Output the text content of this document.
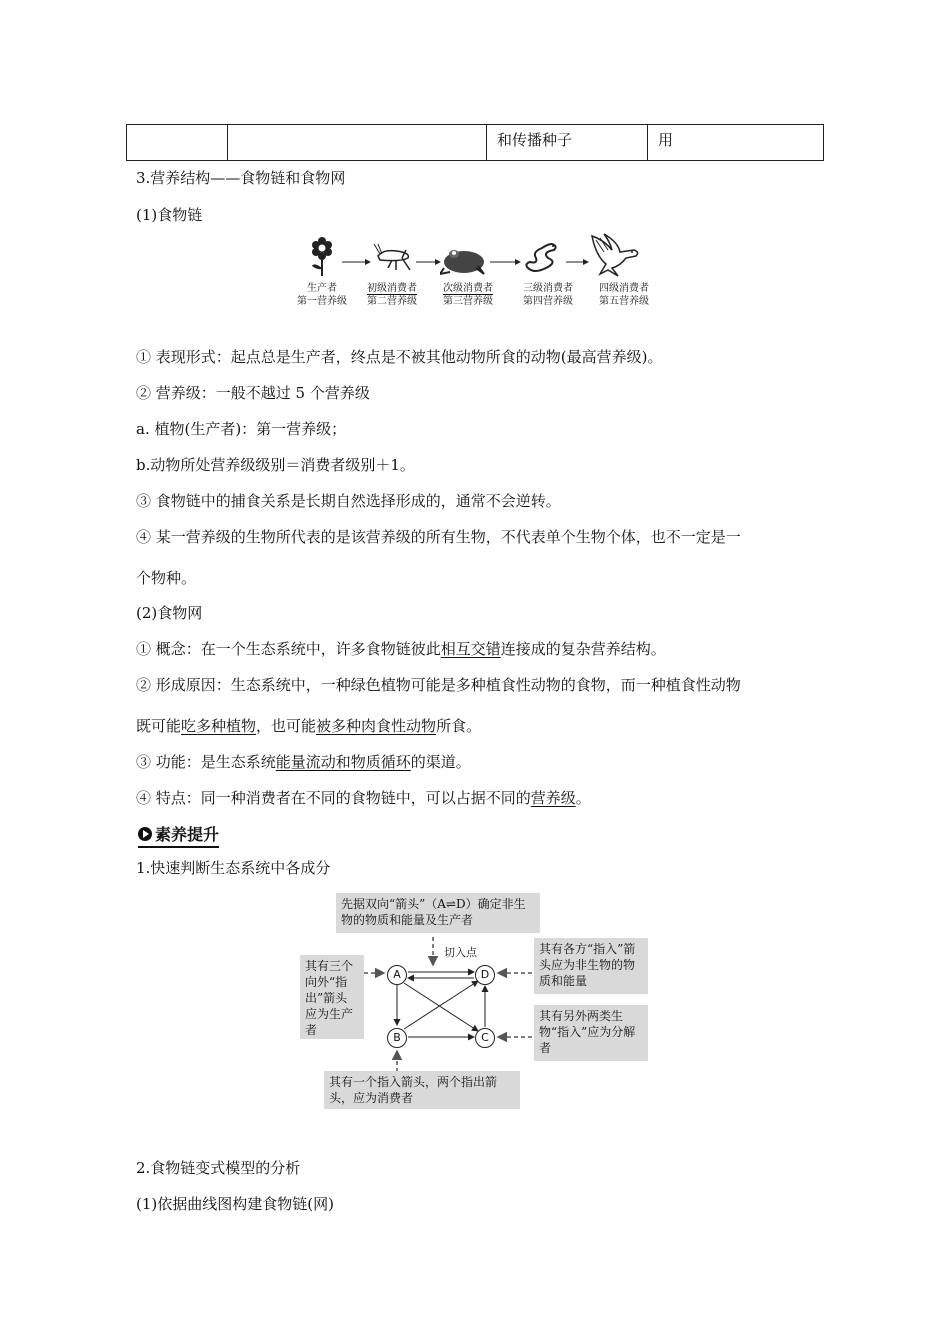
		和传播种子	用
3.营养结构——食物链和食物网
(1)食物链
生产者
第一营养级
初级消费者
第二营养级
次级消费者
第三营养级
三级消费者
第四营养级
四级消费者
第五营养级
① 表现形式：起点总是生产者，终点是不被其他动物所食的动物(最高营养级)。
② 营养级：一般不越过 5 个营养级
a. 植物(生产者)：第一营养级；
b.动物所处营养级级别＝消费者级别＋1。
③ 食物链中的捕食关系是长期自然选择形成的，通常不会逆转。
④ 某一营养级的生物所代表的是该营养级的所有生物，不代表单个生物个体，也不一定是一
个物种。
(2)食物网
① 概念：在一个生态系统中，许多食物链彼此相互交错连接成的复杂营养结构。
② 形成原因：生态系统中，一种绿色植物可能是多种植食性动物的食物，而一种植食性动物
既可能吃多种植物，也可能被多种肉食性动物所食。
③ 功能：是生态系统能量流动和物质循环的渠道。
④ 特点：同一种消费者在不同的食物链中，可以占据不同的营养级。
素养提升
1.快速判断生态系统中各成分
先据双向“箭头”（A⇌D）确定非生物的物质和能量及生产者
切入点
其有三个向外“指出”箭头应为生产者
其有各方“指入”箭头应为非生物的物质和能量
其有另外两类生物“指入”应为分解者
其有一个指入箭头，两个指出箭头，应为消费者
A	D
B	C
2.食物链变式模型的分析
(1)依据曲线图构建食物链(网)
